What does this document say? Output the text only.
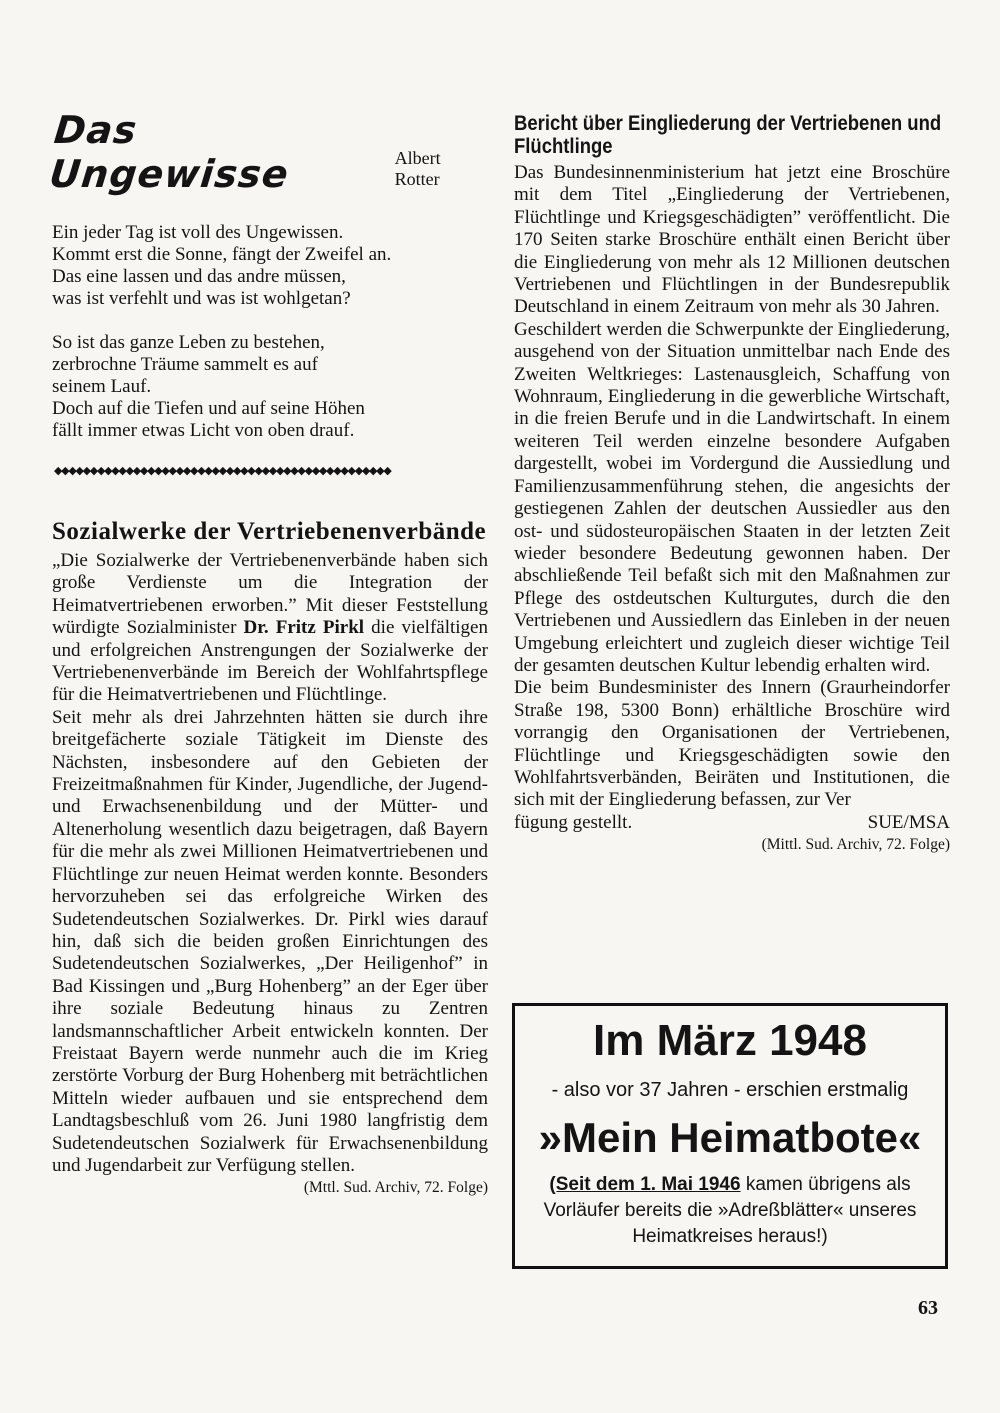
Das Ungewisse	Albert Rotter
Ein jeder Tag ist voll des Ungewissen.
Kommt erst die Sonne, fängt der Zweifel an.
Das eine lassen und das andre müssen,
was ist verfehlt und was ist wohlgetan?
So ist das ganze Leben zu bestehen,
zerbrochne Träume sammelt es auf
seinem Lauf.
Doch auf die Tiefen und auf seine Höhen
fällt immer etwas Licht von oben drauf.
◆◆◆◆◆◆◆◆◆◆◆◆◆◆◆◆◆◆◆◆◆◆◆◆◆◆◆◆◆◆◆◆◆◆◆◆◆◆◆◆◆◆◆◆◆◆◆
Sozialwerke der Vertriebenenverbände

„Die Sozialwerke der Vertriebenenverbände haben sich große Verdienste um die Integration der Heimatvertriebenen erworben.” Mit dieser Feststellung würdigte Sozialminister Dr. Fritz Pirkl die vielfältigen und erfolgreichen Anstrengungen der Sozialwerke der Vertriebenenverbände im Bereich der Wohlfahrtspflege für die Heimatvertriebenen und Flüchtlinge.

Seit mehr als drei Jahrzehnten hätten sie durch ihre breitgefächerte soziale Tätigkeit im Dienste des Nächsten, insbesondere auf den Gebieten der Freizeitmaßnahmen für Kinder, Jugendliche, der Jugend- und Erwachsenenbildung und der Mütter- und Altenerholung wesentlich dazu beigetragen, daß Bayern für die mehr als zwei Millionen Heimatvertriebenen und Flüchtlinge zur neuen Heimat werden konnte. Besonders hervorzuheben sei das erfolgreiche Wirken des Sudetendeutschen Sozialwerkes. Dr. Pirkl wies darauf hin, daß sich die beiden großen Einrichtungen des Sudetendeutschen Sozialwerkes, „Der Heiligenhof” in Bad Kissingen und „Burg Hohenberg” an der Eger über ihre soziale Bedeutung hinaus zu Zentren landsmannschaftlicher Arbeit entwickeln konnten. Der Freistaat Bayern werde nunmehr auch die im Krieg zerstörte Vorburg der Burg Hohenberg mit beträchtlichen Mitteln wieder aufbauen und sie entsprechend dem Landtagsbeschluß vom 26. Juni 1980 langfristig dem Sudetendeutschen Sozialwerk für Erwachsenenbildung und Jugendarbeit zur Verfügung stellen.

(Mttl. Sud. Archiv, 72. Folge)
Bericht über Eingliederung der Vertriebenen und Flüchtlinge

Das Bundesinnenministerium hat jetzt eine Broschüre mit dem Titel „Eingliederung der Vertriebenen, Flüchtlinge und Kriegsgeschädigten” veröffentlicht. Die 170 Seiten starke Broschüre enthält einen Bericht über die Eingliederung von mehr als 12 Millionen deutschen Vertriebenen und Flüchtlingen in der Bundesrepublik Deutschland in einem Zeitraum von mehr als 30 Jahren.

Geschildert werden die Schwerpunkte der Eingliederung, ausgehend von der Situation unmittelbar nach Ende des Zweiten Weltkrieges: Lastenausgleich, Schaffung von Wohnraum, Eingliederung in die gewerbliche Wirtschaft, in die freien Berufe und in die Landwirtschaft. In einem weiteren Teil werden einzelne besondere Aufgaben dargestellt, wobei im Vordergund die Aussiedlung und Familienzusammenführung stehen, die angesichts der gestiegenen Zahlen der deutschen Aussiedler aus den ost- und südosteuropäischen Staaten in der letzten Zeit wieder besondere Bedeutung gewonnen haben. Der abschließende Teil befaßt sich mit den Maßnahmen zur Pflege des ostdeutschen Kulturgutes, durch die den Vertriebenen und Aussiedlern das Einleben in der neuen Umgebung erleichtert und zugleich dieser wichtige Teil der gesamten deutschen Kultur lebendig erhalten wird.

Die beim Bundesminister des Innern (Graurheindorfer Straße 198, 5300 Bonn) erhältliche Broschüre wird vorrangig den Organisationen der Vertriebenen, Flüchtlinge und Kriegsgeschädigten sowie den Wohlfahrtsverbänden, Beiräten und Institutionen, die sich mit der Eingliederung befassen, zur Ver

fügung gestellt.	SUE/MSA
(Mittl. Sud. Archiv, 72. Folge)
Im März 1948
- also vor 37 Jahren - erschien erstmalig
»Mein Heimatbote«
(Seit dem 1. Mai 1946 kamen übrigens als Vorläufer bereits die »Adreßblätter« unseres Heimatkreises heraus!)
63
